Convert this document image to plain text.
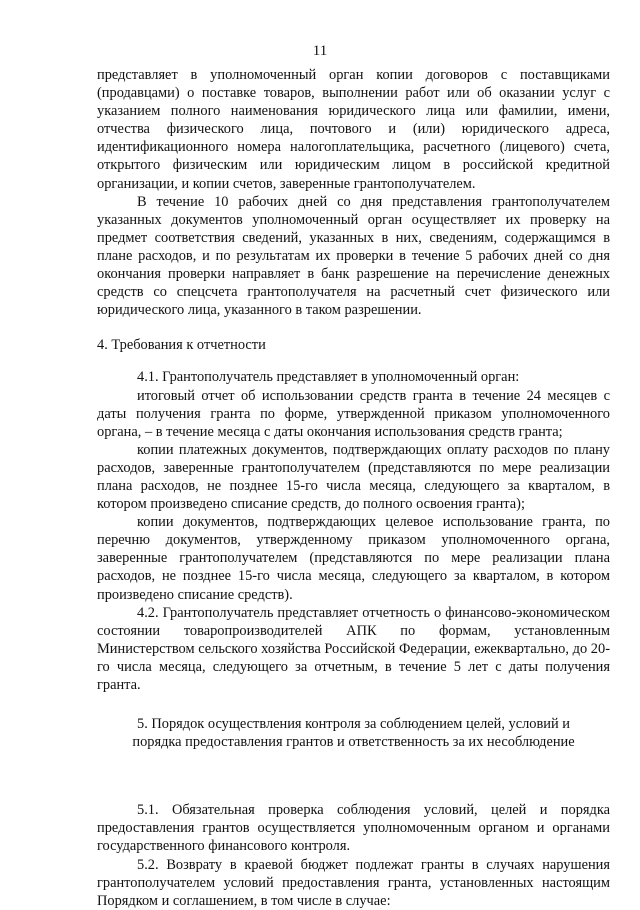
11

представляет в уполномоченный орган копии договоров с поставщиками (продавцами) о поставке товаров, выполнении работ или об оказании услуг с указанием полного наименования юридического лица или фамилии, имени, отчества физического лица, почтового и (или) юридического адреса, идентификационного номера налогоплательщика, расчетного (лицевого) счета, открытого физическим или юридическим лицом в российской кредитной организации, и копии счетов, заверенные грантополучателем.

В течение 10 рабочих дней со дня представления грантополучателем указанных документов уполномоченный орган осуществляет их проверку на предмет соответствия сведений, указанных в них, сведениям, содержащимся в плане расходов, и по результатам их проверки в течение 5 рабочих дней со дня окончания проверки направляет в банк разрешение на перечисление денежных средств со спецсчета грантополучателя на расчетный счет физического или юридического лица, указанного в таком разрешении.

4. Требования к отчетности

4.1. Грантополучатель представляет в уполномоченный орган:

итоговый отчет об использовании средств гранта в течение 24 месяцев с даты получения гранта по форме, утвержденной приказом уполномоченного органа, – в течение месяца с даты окончания использования средств гранта;

копии платежных документов, подтверждающих оплату расходов по плану расходов, заверенные грантополучателем (представляются по мере реализации плана расходов, не позднее 15-го числа месяца, следующего за кварталом, в котором произведено списание средств, до полного освоения гранта);

копии документов, подтверждающих целевое использование гранта, по перечню документов, утвержденному приказом уполномоченного органа, заверенные грантополучателем (представляются по мере реализации плана расходов, не позднее 15-го числа месяца, следующего за кварталом, в котором произведено списание средств).

4.2. Грантополучатель представляет отчетность о финансово-экономическом состоянии товаропроизводителей АПК по формам, установленным Министерством сельского хозяйства Российской Федерации, ежеквартально, до 20-го числа месяца, следующего за отчетным, в течение 5 лет с даты получения гранта.

5. Порядок осуществления контроля за соблюдением целей, условий и
порядка предоставления грантов и ответственность за их несоблюдение

5.1. Обязательная проверка соблюдения условий, целей и порядка предоставления грантов осуществляется уполномоченным органом и органами государственного финансового контроля.

5.2. Возврату в краевой бюджет подлежат гранты в случаях нарушения грантополучателем условий предоставления гранта, установленных настоящим Порядком и соглашением, в том числе в случае:
